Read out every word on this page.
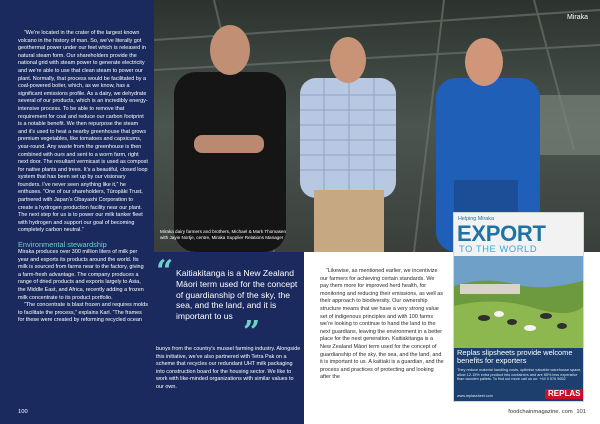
“We’re located in the crater of the largest known volcano in the history of man. So, we’ve literally got geothermal power under our feet which is released in natural steam form. Our shareholders provide the national grid with steam power to generate electricity and we’re able to use that clean steam to power our plant. Normally, that process would be facilitated by a coal-powered boiler, which, as we know, has a significant emissions profile. As a dairy, we dehydrate several of our products, which is an incredibly energy-intensive process. To be able to remove that requirement for coal and reduce our carbon footprint is a notable benefit. We then repurpose the steam and it’s used to heat a nearby greenhouse that grows premium vegetables, like tomatoes and capsicums, year-round. Any waste from the greenhouse is then combined with ours and sent to a worm farm, right next door. The resultant vermicast is used as compost for native plants and trees. It’s a beautiful, closed loop system that has been set up by our visionary founders. I’ve never seen anything like it,” he enthuses. “One of our shareholders, Tūropāki Trust, partnered with Japan’s Obayashi Corporation to create a hydrogen production facility near our plant. The next step for us is to power our milk tanker fleet with hydrogen and support our goal of becoming completely carbon neutral.”

Environmental stewardship

Miraka produces over 300 million liters of milk per year and exports its products around the world. Its milk is sourced from farms near to the factory, giving a farm-fresh advantage. The company produces a range of dried products and exports largely to Asia, the Middle East, and Africa, recently adding a frozen milk concentrate to its product portfolio.

“The concentrate is blast frozen and requires molds to facilitate the process,” explains Karl. “The frames for these were created by reforming recycled ocean

Miraka
Miraka dairy farmers and brothers, Michael & Mark Thomasen with Jayie Nortje, centre, Miraka Supplier Relations Manager
“ Kaitiakitanga is a New Zealand Māori term used for the concept of guardianship of the sky, the sea, and the land, and it is important to us ”
buoys from the country’s mussel farming industry. Alongside this initiative, we’ve also partnered with Tetra Pak on a scheme that recycles our redundant UHT milk packaging into construction board for the housing sector. We like to work with like-minded organizations with similar values to our own.

“Likewise, as mentioned earlier, we incentivize our farmers for achieving certain standards. We pay them more for improved herd health, for monitoring and reducing their emissions, as well as their approach to biodiversity. Our ownership structure means that we have a very strong value set of indigenous principles and with 100 farms we’re looking to continue to hand the land to the next guardians, leaving the environment in a better place for the next generation. Kaitiakitanga is a New Zealand Māori term used for the concept of guardianship of the sky, the sea, and the land, and it is important to us. A kaitiaki is a guardian, and the process and practices of protecting and looking after the

Helping Miraka
EXPORT
TO THE WORLD
Replas slipsheets provide welcome benefits for exporters
They reduce material handling costs, optimise valuable warehouse space, allow 12-15% extra product into containers and are 85% less expensive than wooden pallets. To find out more call us on: +64 9 576 9652
www.replassheet.com	REPLAS
100	foodchainmagazine. com 101
